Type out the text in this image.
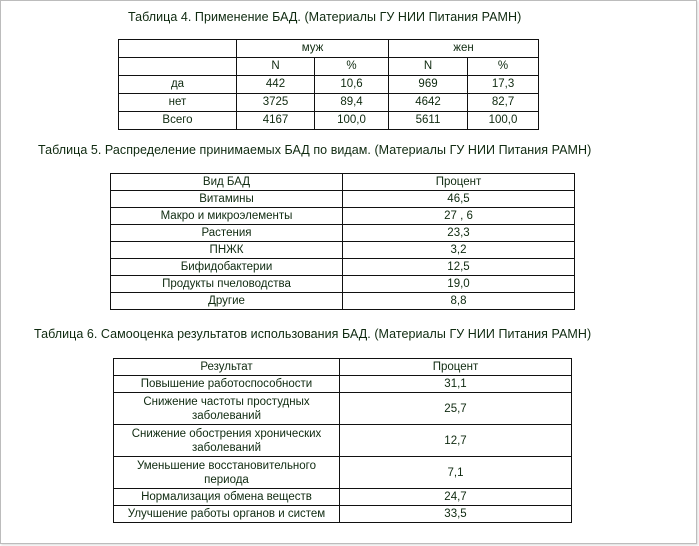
Таблица 4. Применение БАД. (Материалы ГУ НИИ Питания РАМН)
	муж		жен	
	N	%	N	%
да	442	10,6	969	17,3
нет	3725	89,4	4642	82,7
Всего	4167	100,0	5611	100,0
Таблица 5. Распределение принимаемых БАД по видам. (Материалы ГУ НИИ Питания РАМН)
Вид БАД	Процент
Витамины	46,5
Макро и микроэлементы	27 , 6
Растения	23,3
ПНЖК	3,2
Бифидобактерии	12,5
Продукты пчеловодства	19,0
Другие	8,8
Таблица 6. Самооценка результатов использования БАД. (Материалы ГУ НИИ Питания РАМН)
Результат	Процент
Повышение работоспособности	31,1
Снижение частоты простудных заболеваний	25,7
Снижение обострения хронических заболеваний	12,7
Уменьшение восстановительного периода	7,1
Нормализация обмена веществ	24,7
Улучшение работы органов и систем	33,5
